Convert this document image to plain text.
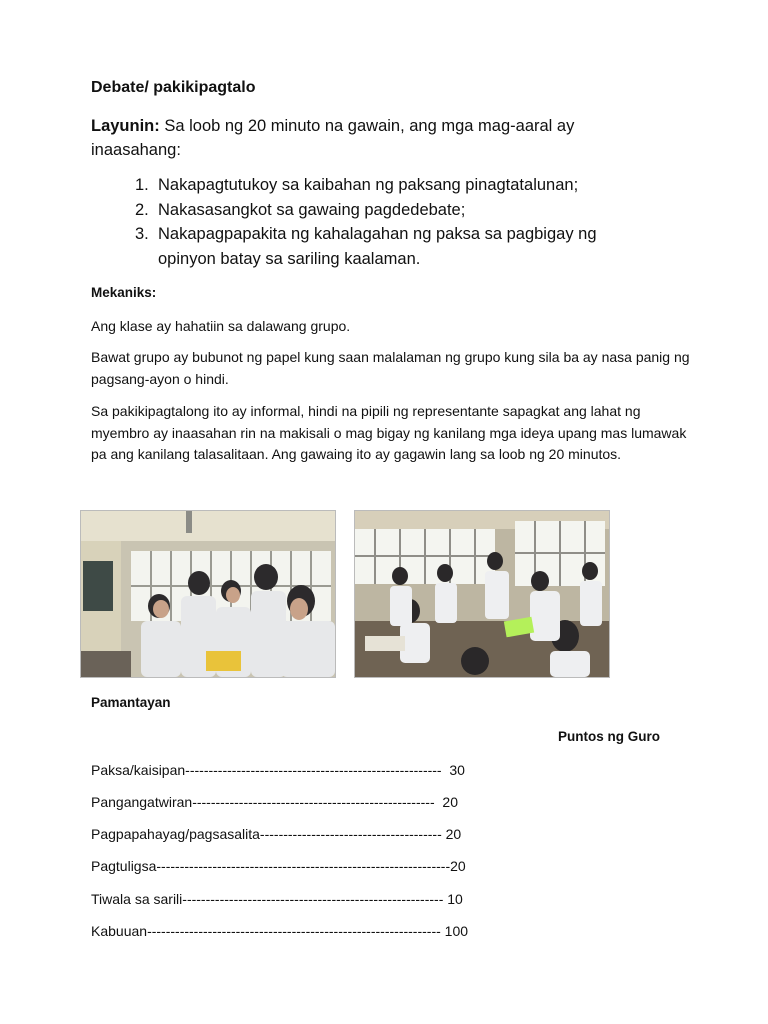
Debate/ pakikipagtalo

Layunin: Sa loob ng 20 minuto na gawain, ang mga mag-aaral ay inaasahang:

1. Nakapagtutukoy sa kaibahan ng paksang pinagtatalunan;
2. Nakasasangkot sa gawaing pagdedebate;
3. Nakapagpapakita ng kahalagahan ng paksa sa pagbigay ng opinyon batay sa sariling kaalaman.

Mekaniks:

Ang klase ay hahatiin sa dalawang grupo.

Bawat grupo ay bubunot ng papel kung saan malalaman ng grupo kung sila ba ay nasa panig ng pagsang-ayon o hindi.

Sa pakikipagtalong ito ay informal, hindi na pipili ng representante sapagkat ang lahat ng myembro ay inaasahan rin na makisali o mag bigay ng kanilang mga ideya upang mas lumawak pa ang kanilang talasalitaan. Ang gawaing ito ay gagawin lang sa loob ng 20 minutos.

Pamantayan

Puntos ng Guro

Paksa/kaisipan-------------------------------------------------------  30

Pangangatwiran----------------------------------------------------  20

Pagpapahayag/pagsasalita--------------------------------------- 20

Pagtuligsa---------------------------------------------------------------20

Tiwala sa sarili-------------------------------------------------------- 10

Kabuuan--------------------------------------------------------------- 100
